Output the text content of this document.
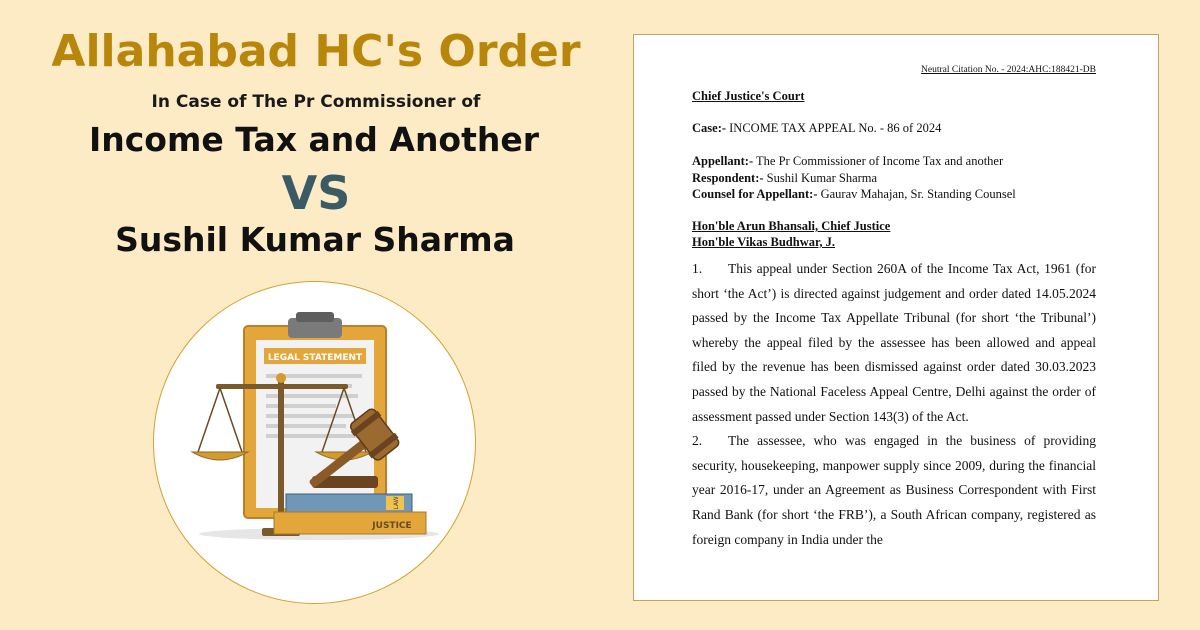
Allahabad HC's Order
In Case of The Pr Commissioner of
Income Tax and Another
VS
Sushil Kumar Sharma
LEGAL STATEMENT
LAW
JUSTICE
Neutral Citation No. - 2024:AHC:188421-DB
Chief Justice's Court
Case:- INCOME TAX APPEAL No. - 86 of 2024
Appellant:- The Pr Commissioner of Income Tax and another
Respondent:- Sushil Kumar Sharma
Counsel for Appellant:- Gaurav Mahajan, Sr. Standing Counsel
Hon'ble Arun Bhansali, Chief Justice
Hon'ble Vikas Budhwar, J.

1. This appeal under Section 260A of the Income Tax Act, 1961 (for short ‘the Act’) is directed against judgement and order dated 14.05.2024 passed by the Income Tax Appellate Tribunal (for short ‘the Tribunal’) whereby the appeal filed by the assessee has been allowed and appeal filed by the revenue has been dismissed against order dated 30.03.2023 passed by the National Faceless Appeal Centre, Delhi against the order of assessment passed under Section 143(3) of the Act.

2. The assessee, who was engaged in the business of providing security, housekeeping, manpower supply since 2009, during the financial year 2016-17, under an Agreement as Business Correspondent with First Rand Bank (for short ‘the FRB’), a South African company, registered as foreign company in India under the
